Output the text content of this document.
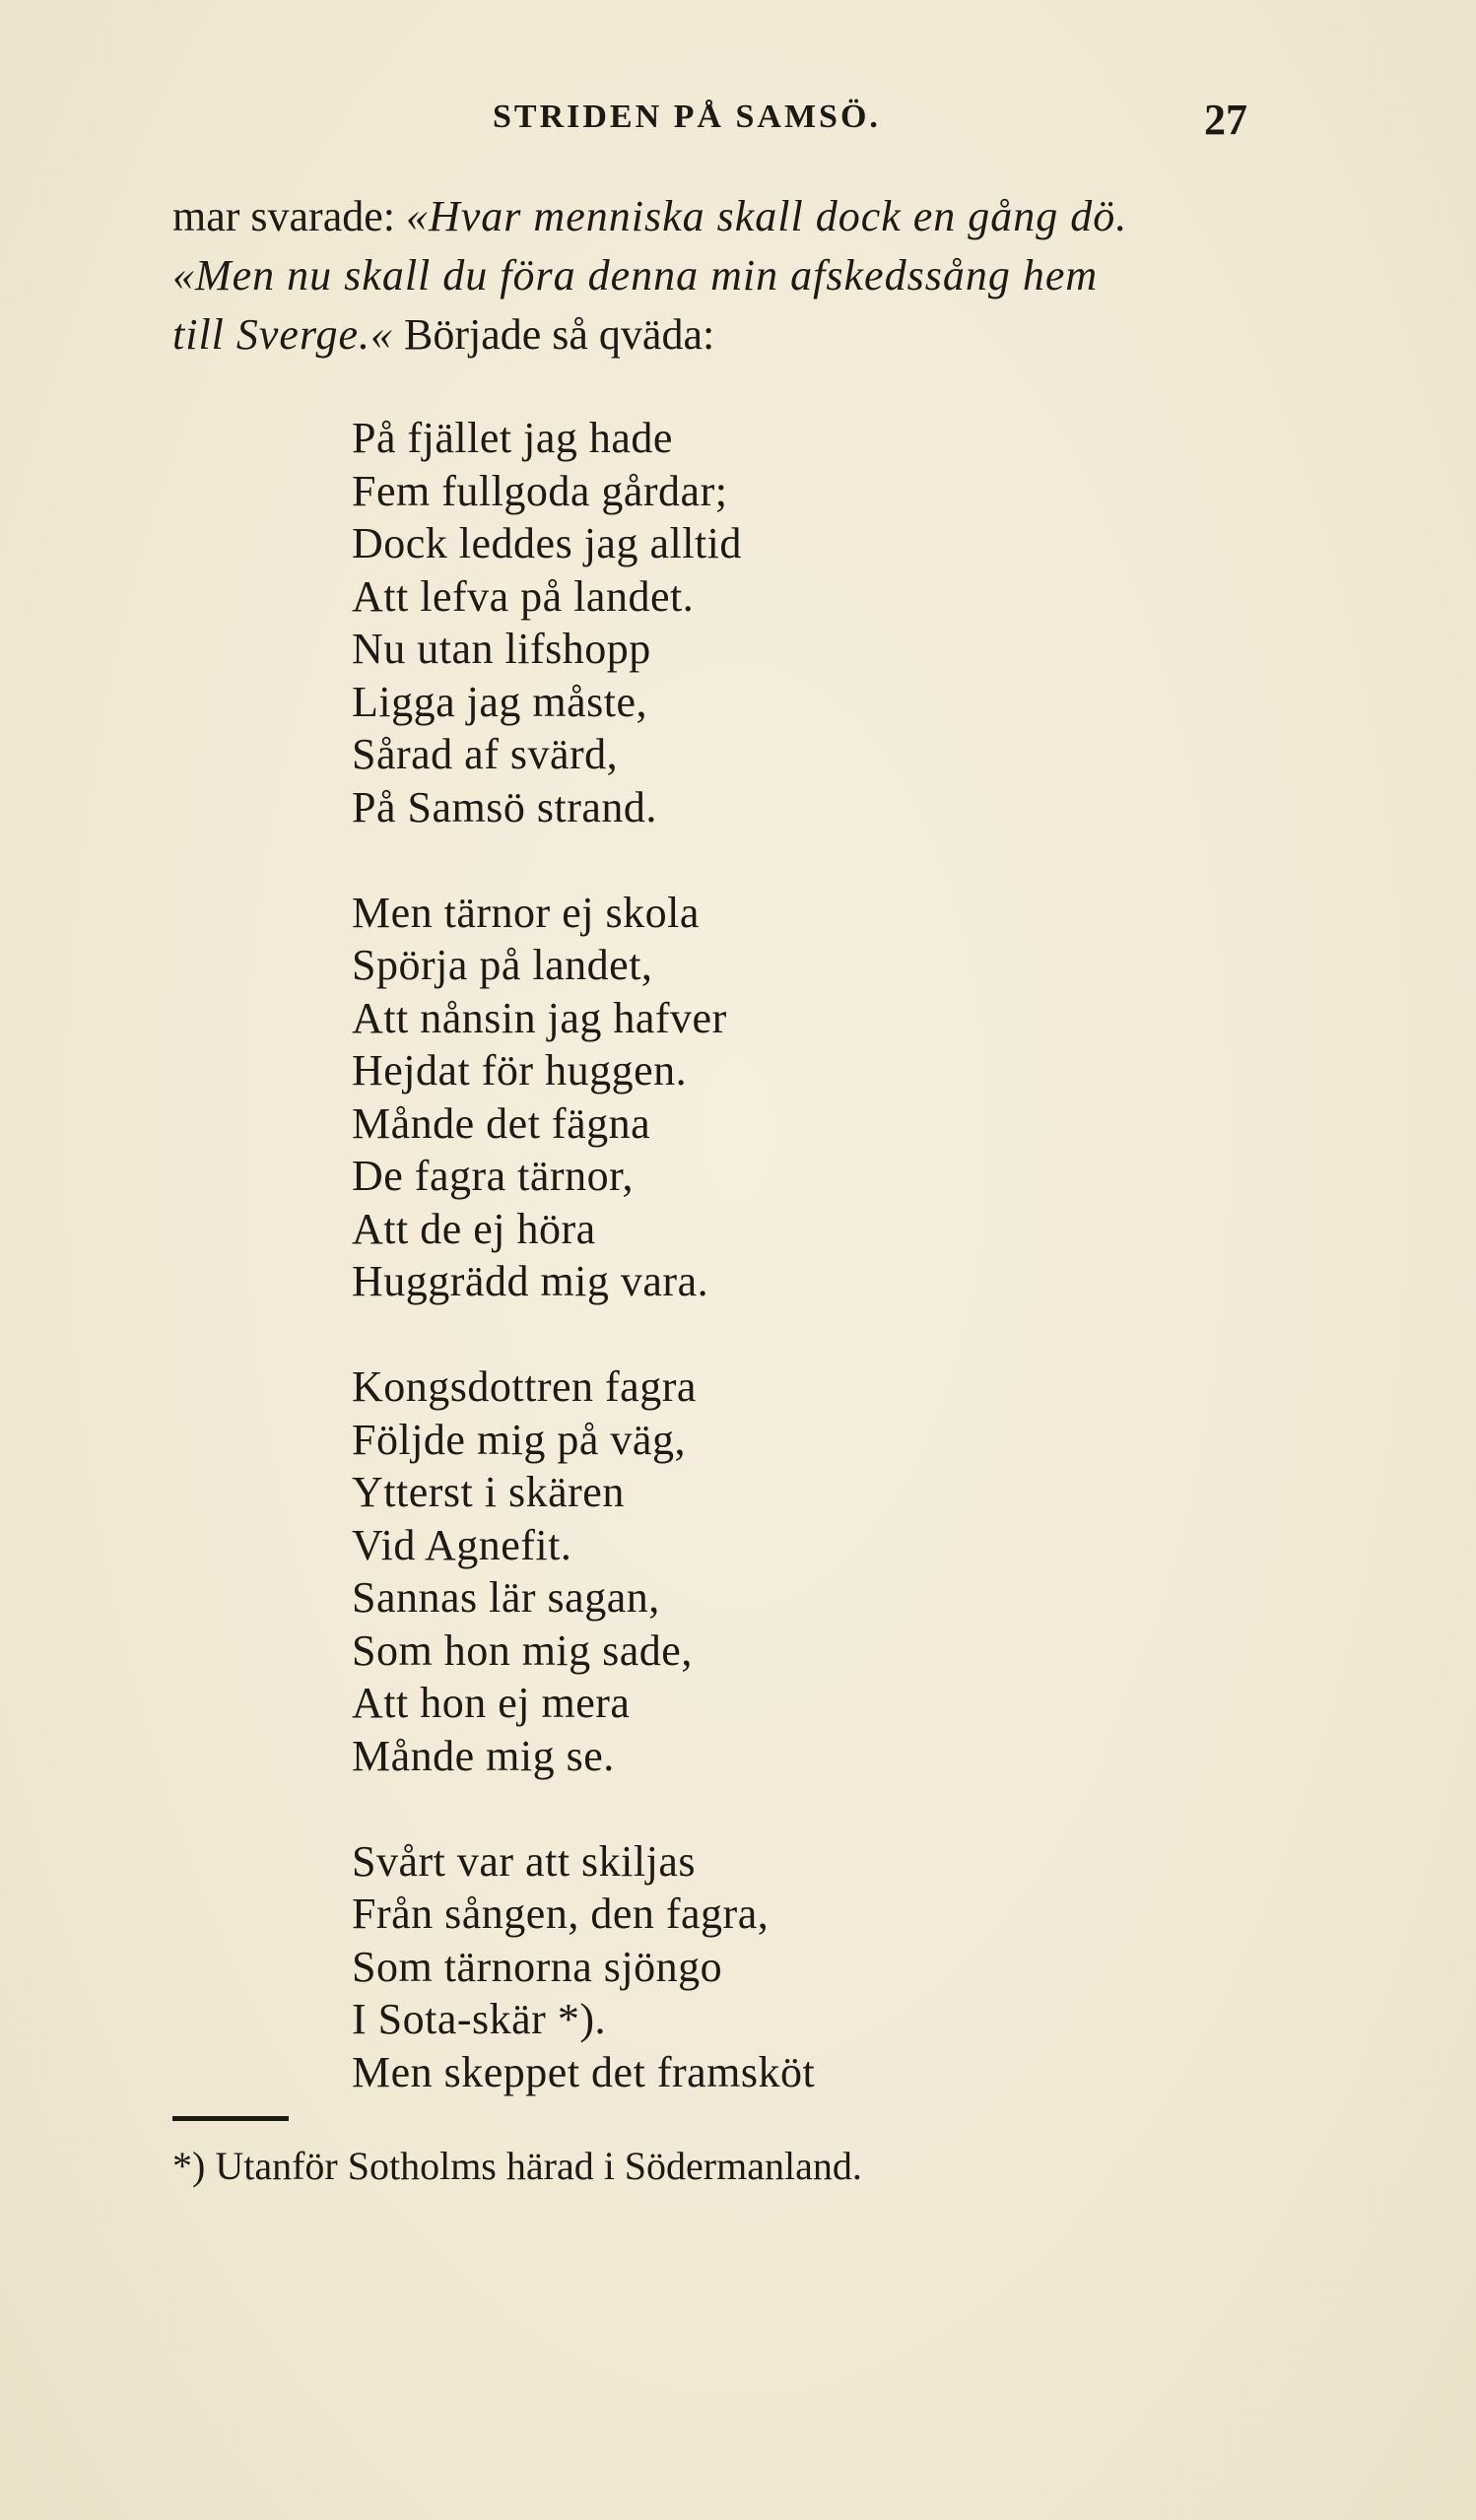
STRIDEN PÅ SAMSÖ.	27
mar svarade: «Hvar menniska skall dock en gång dö.
«Men nu skall du föra denna min afskedssång hem
till Sverge.« Började så qväda:
På fjället jag hade
Fem fullgoda gårdar;
Dock leddes jag alltid
Att lefva på landet.
Nu utan lifshopp
Ligga jag måste,
Sårad af svärd,
På Samsö strand.
Men tärnor ej skola
Spörja på landet,
Att nånsin jag hafver
Hejdat för huggen.
Månde det fägna
De fagra tärnor,
Att de ej höra
Huggrädd mig vara.
Kongsdottren fagra
Följde mig på väg,
Ytterst i skären
Vid Agnefit.
Sannas lär sagan,
Som hon mig sade,
Att hon ej mera
Månde mig se.
Svårt var att skiljas
Från sången, den fagra,
Som tärnorna sjöngo
I Sota-skär *).
Men skeppet det framsköt
*) Utanför Sotholms härad i Södermanland.
